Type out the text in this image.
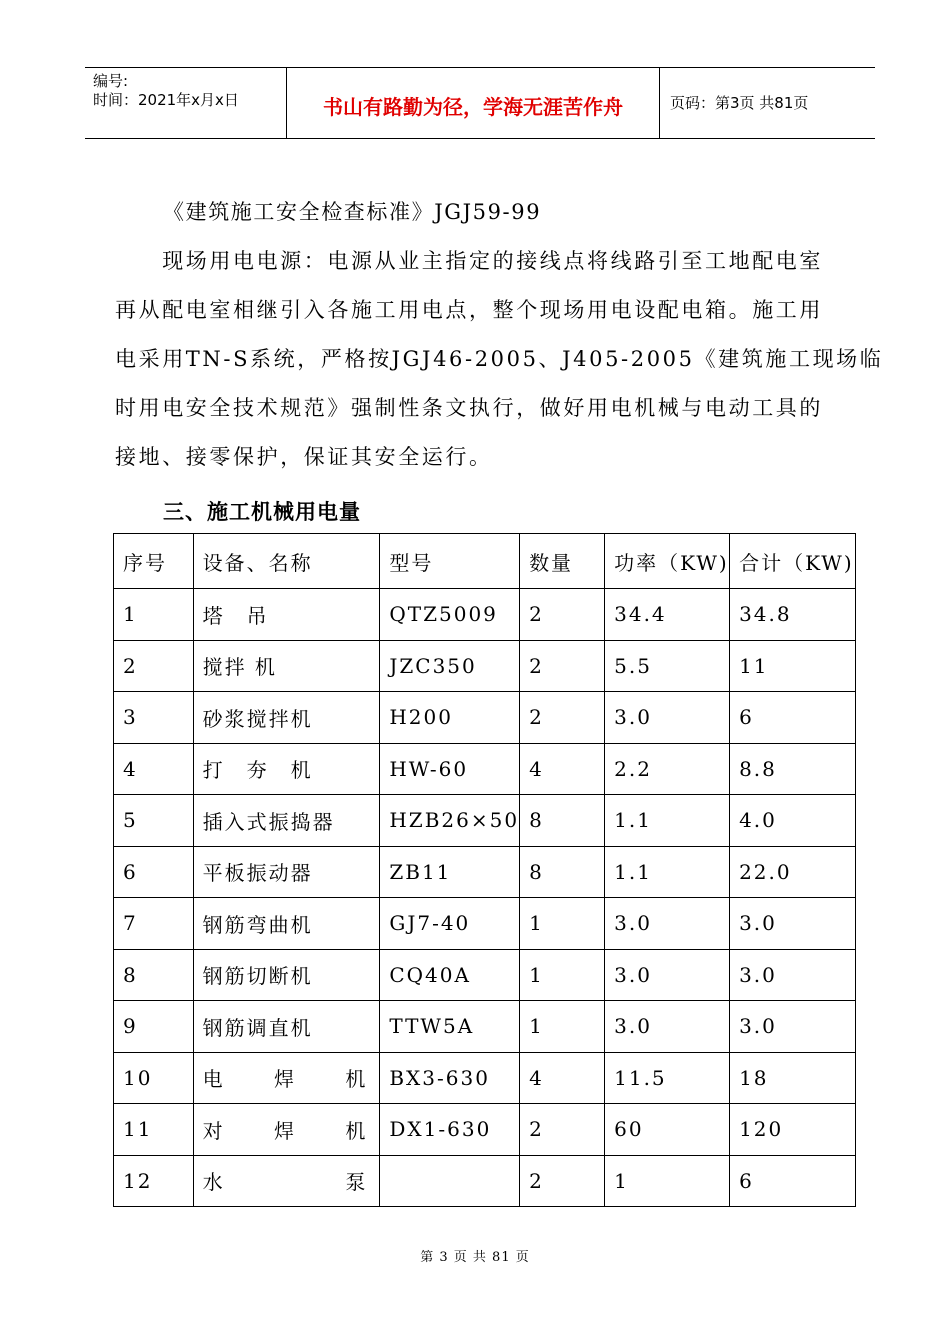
编号:
时间：2021年x月x日	书山有路勤为径，学海无涯苦作舟	页码：第3页 共81页
《建筑施工安全检查标准》JGJ59-99
　　现场用电电源：电源从业主指定的接线点将线路引至工地配电室
再从配电室相继引入各施工用电点，整个现场用电设配电箱。施工用
电采用TN-S系统，严格按JGJ46-2005、J405-2005《建筑施工现场临
时用电安全技术规范》强制性条文执行，做好用电机械与电动工具的
接地、接零保护，保证其安全运行。
三、施工机械用电量
序号	设备、名称	型号	数量	功率（KW)	合计（KW)
1	塔　吊	QTZ5009	2	34.4	34.8
2	搅拌 机	JZC350	2	5.5	11
3	砂浆搅拌机	H200	2	3.0	6
4	打　夯　机	HW-60	4	2.2	8.8
5	插入式振捣器	HZB26×50	8	1.1	4.0
6	平板振动器	ZB11	8	1.1	22.0
7	钢筋弯曲机	GJ7-40	1	3.0	3.0
8	钢筋切断机	CQ40A	1	3.0	3.0
9	钢筋调直机	TTW5A	1	3.0	3.0
10	电 焊 机	BX3-630	4	11.5	18
11	对 焊 机	DX1-630	2	60	120
12	水 泵		2	1	6
第 3 页 共 81 页
